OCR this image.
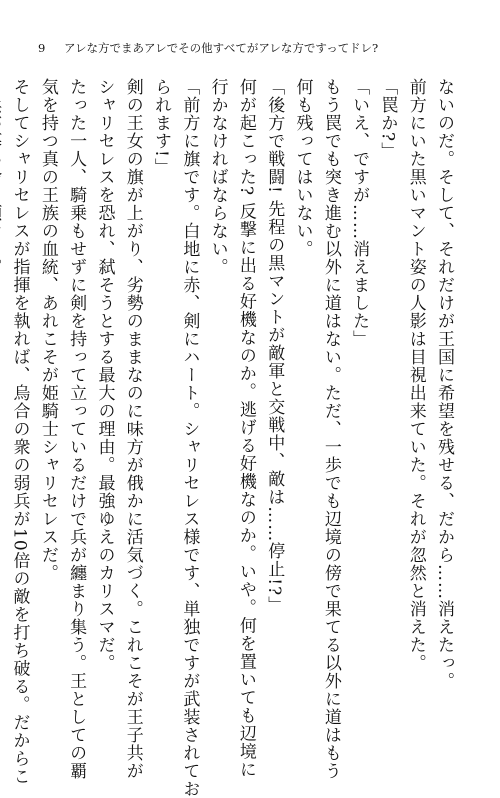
9 アレな方でまあアレでその他すべてがアレな方ですってドレ?
ないのだ。そして、それだけが王国に希望を残せる、だから……消えたっ。
前方にいた黒いマント姿の人影は目視出来ていた。それが忽然と消えた。
「罠か?」
「いえ、ですが……消えました」
もう罠でも突き進む以外に道はない。ただ、一歩でも辺境の傍で果てる以外に道はもう
何も残ってはいない。
「後方で戦闘! 先程の黒マントが敵軍と交戦中、敵は……停止!?」
何が起こった? 反撃に出る好機なのか。逃げる好機なのか。いや。何を置いても辺境に
行かなければならない。
「前方に旗です。白地に赤、剣にハート。シャリセレス様です、単独ですが武装されてお
られます!」
剣の王女の旗が上がり、劣勢のままなのに味方が俄かに活気づく。これこそが王子共が
シャリセレスを恐れ、弑そうとする最大の理由。最強ゆえのカリスマだ。
たった一人、騎乗もせずに剣を持って立っているだけで兵が纏まり集う。王としての覇
気を持つ真の王族の血統、あれこそが姫騎士シャリセレスだ。
そしてシャリセレスが指揮を執れば、烏合の衆の弱兵が10倍の敵を打ち破る。だからこ
